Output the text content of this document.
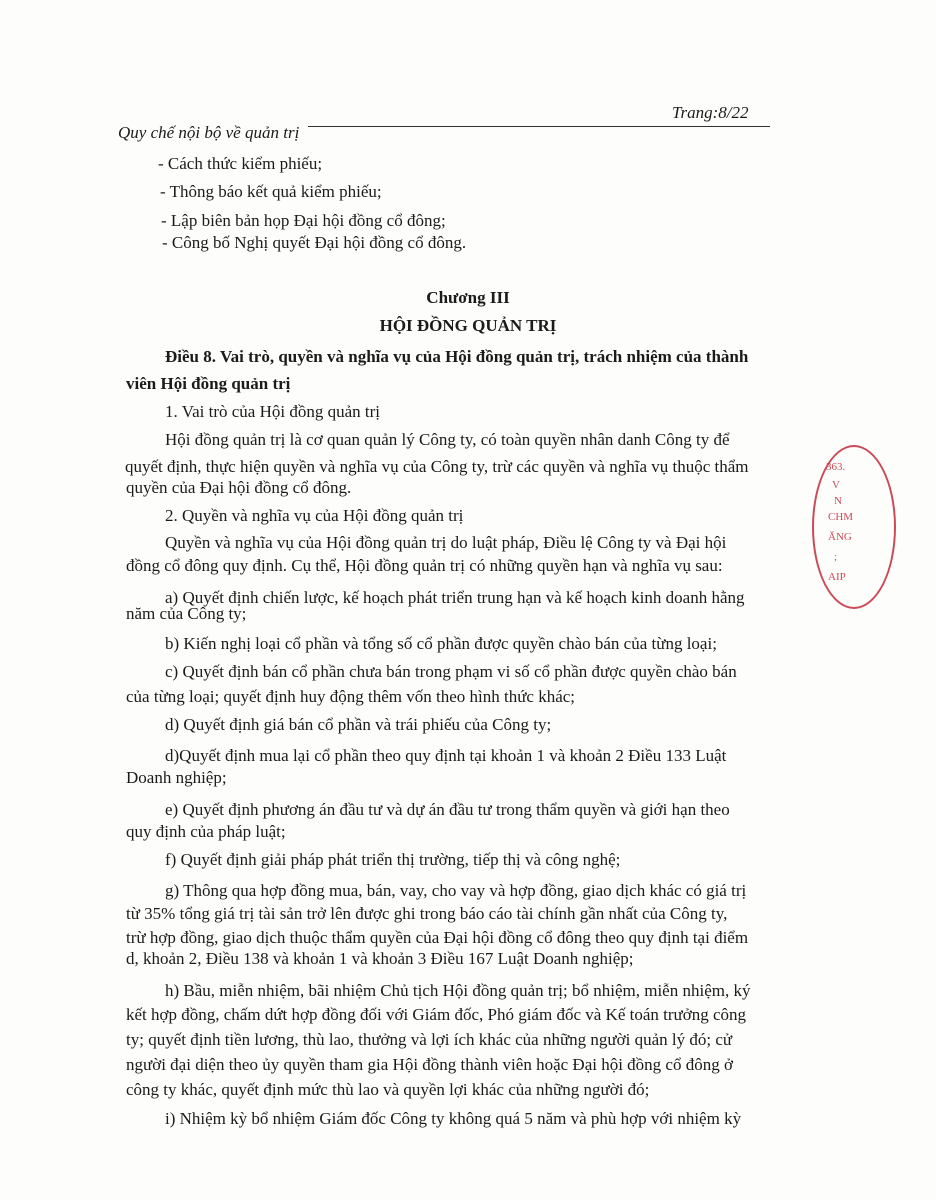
Trang:8/22
Quy chế nội bộ về quản trị
- Cách thức kiểm phiếu;
- Thông báo kết quả kiểm phiếu;
- Lập biên bản họp Đại hội đồng cổ đông;
- Công bố Nghị quyết Đại hội đồng cổ đông.
Chương III
HỘI ĐỒNG QUẢN TRỊ
Điều 8. Vai trò, quyền và nghĩa vụ của Hội đồng quản trị, trách nhiệm của thành
viên Hội đồng quản trị
1. Vai trò của Hội đồng quản trị
Hội đồng quản trị là cơ quan quản lý Công ty, có toàn quyền nhân danh Công ty để
quyết định, thực hiện quyền và nghĩa vụ của Công ty, trừ các quyền và nghĩa vụ thuộc thẩm
quyền của Đại hội đồng cổ đông.
2. Quyền và nghĩa vụ của Hội đồng quản trị
Quyền và nghĩa vụ của Hội đồng quản trị do luật pháp, Điều lệ Công ty và Đại hội
đồng cổ đông quy định. Cụ thể, Hội đồng quản trị có những quyền hạn và nghĩa vụ sau:
a) Quyết định chiến lược, kế hoạch phát triển trung hạn và kế hoạch kinh doanh hằng
năm của Công ty;
b) Kiến nghị loại cổ phần và tổng số cổ phần được quyền chào bán của từng loại;
c) Quyết định bán cổ phần chưa bán trong phạm vi số cổ phần được quyền chào bán
của từng loại; quyết định huy động thêm vốn theo hình thức khác;
d) Quyết định giá bán cổ phần và trái phiếu của Công ty;
d)Quyết định mua lại cổ phần theo quy định tại khoản 1 và khoản 2 Điều 133 Luật
Doanh nghiệp;
e) Quyết định phương án đầu tư và dự án đầu tư trong thẩm quyền và giới hạn theo
quy định của pháp luật;
f) Quyết định giải pháp phát triển thị trường, tiếp thị và công nghệ;
g) Thông qua hợp đồng mua, bán, vay, cho vay và hợp đồng, giao dịch khác có giá trị
từ 35% tổng giá trị tài sản trở lên được ghi trong báo cáo tài chính gần nhất của Công ty,
trừ hợp đồng, giao dịch thuộc thẩm quyền của Đại hội đồng cổ đông theo quy định tại điểm
d, khoản 2, Điều 138 và khoản 1 và khoản 3 Điều 167 Luật Doanh nghiệp;
h) Bầu, miễn nhiệm, bãi nhiệm Chủ tịch Hội đồng quản trị; bổ nhiệm, miễn nhiệm, ký
kết hợp đồng, chấm dứt hợp đồng đối với Giám đốc, Phó giám đốc và Kế toán trưởng công
ty; quyết định tiền lương, thù lao, thưởng và lợi ích khác của những người quản lý đó; cử
người đại diện theo ủy quyền tham gia Hội đồng thành viên hoặc Đại hội đồng cổ đông ở
công ty khác, quyết định mức thù lao và quyền lợi khác của những người đó;
i) Nhiệm kỳ bổ nhiệm Giám đốc Công ty không quá 5 năm và phù hợp với nhiệm kỳ
363.
V
N
CHM
ĂNG
;
AIP
